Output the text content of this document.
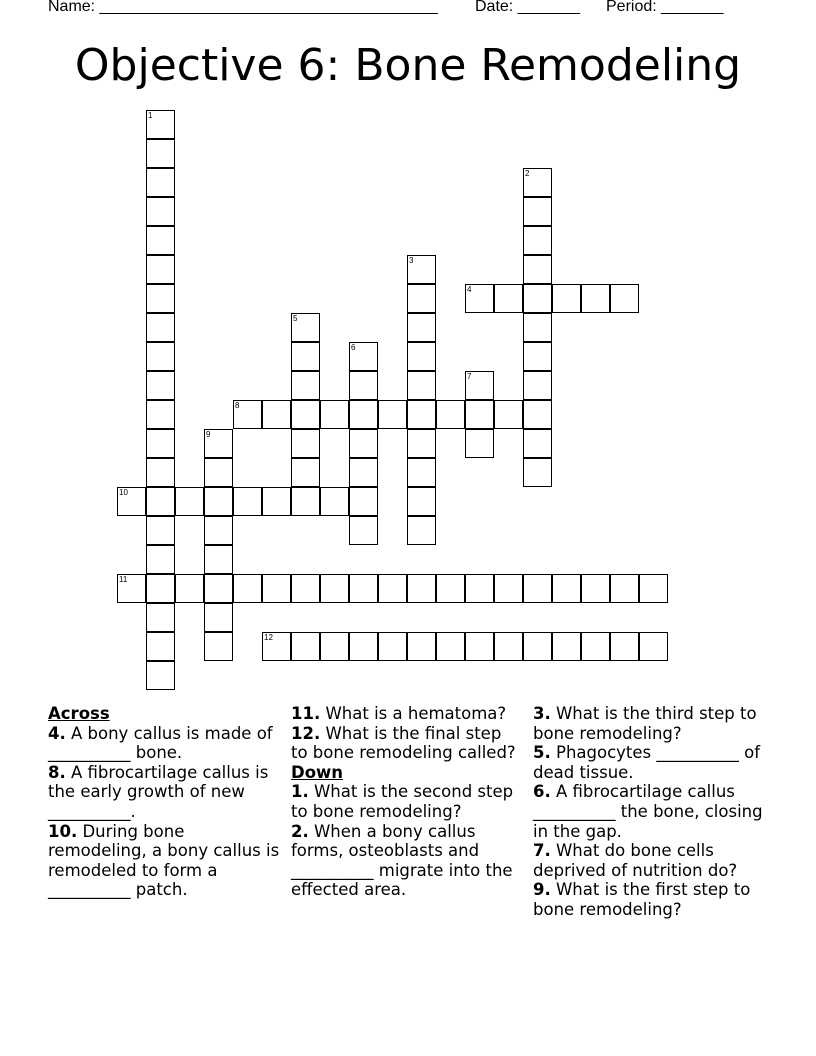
Name: ______________________________________ Date: _______ Period: _______
Objective 6: Bone Remodeling
1
2
3
4
5
6
7
8
9
10
11
12
Across

4. A bony callus is made of __________ bone.

8. A fibrocartilage callus is the early growth of new __________.

10. During bone remodeling, a bony callus is remodeled to form a __________ patch.

11. What is a hematoma?

12. What is the final step to bone remodeling called?

Down

1. What is the second step to bone remodeling?

2. When a bony callus forms, osteoblasts and __________ migrate into the effected area.

3. What is the third step to bone remodeling?

5. Phagocytes __________ of dead tissue.

6. A fibrocartilage callus __________ the bone, closing in the gap.

7. What do bone cells deprived of nutrition do?

9. What is the first step to bone remodeling?
